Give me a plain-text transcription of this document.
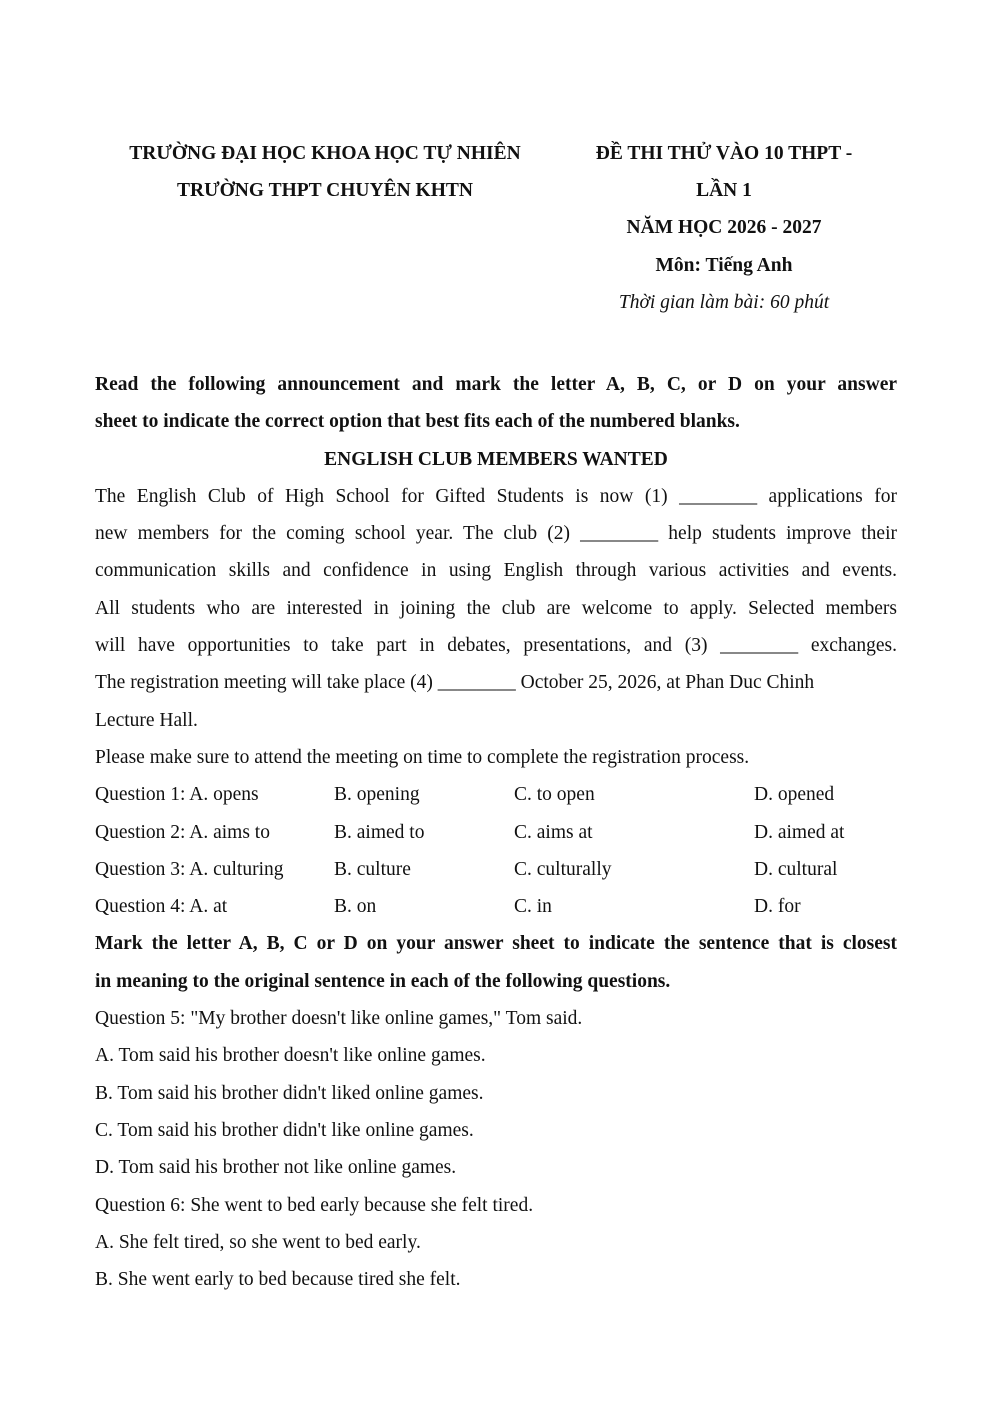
TRƯỜNG ĐẠI HỌC KHOA HỌC TỰ NHIÊN
TRƯỜNG THPT CHUYÊN KHTN
ĐỀ THI THỬ VÀO 10 THPT -
LẦN 1
NĂM HỌC 2026 - 2027
Môn: Tiếng Anh
Thời gian làm bài: 60 phút
Read the following announcement and mark the letter A, B, C, or D on your answer
sheet to indicate the correct option that best fits each of the numbered blanks.
ENGLISH CLUB MEMBERS WANTED
The English Club of High School for Gifted Students is now (1) ________ applications for
new members for the coming school year. The club (2) ________ help students improve their
communication skills and confidence in using English through various activities and events.
All students who are interested in joining the club are welcome to apply. Selected members
will have opportunities to take part in debates, presentations, and (3) ________ exchanges.
The registration meeting will take place (4) ________ October 25, 2026, at Phan Duc Chinh
Lecture Hall.
Please make sure to attend the meeting on time to complete the registration process.
Question 1: A. opens	B. opening	C. to open	D. opened
Question 2: A. aims to	B. aimed to	C. aims at	D. aimed at
Question 3: A. culturing	B. culture	C. culturally	D. cultural
Question 4: A. at	B. on	C. in	D. for
Mark the letter A, B, C or D on your answer sheet to indicate the sentence that is closest
in meaning to the original sentence in each of the following questions.
Question 5: "My brother doesn't like online games," Tom said.
A. Tom said his brother doesn't like online games.
B. Tom said his brother didn't liked online games.
C. Tom said his brother didn't like online games.
D. Tom said his brother not like online games.
Question 6: She went to bed early because she felt tired.
A. She felt tired, so she went to bed early.
B. She went early to bed because tired she felt.
